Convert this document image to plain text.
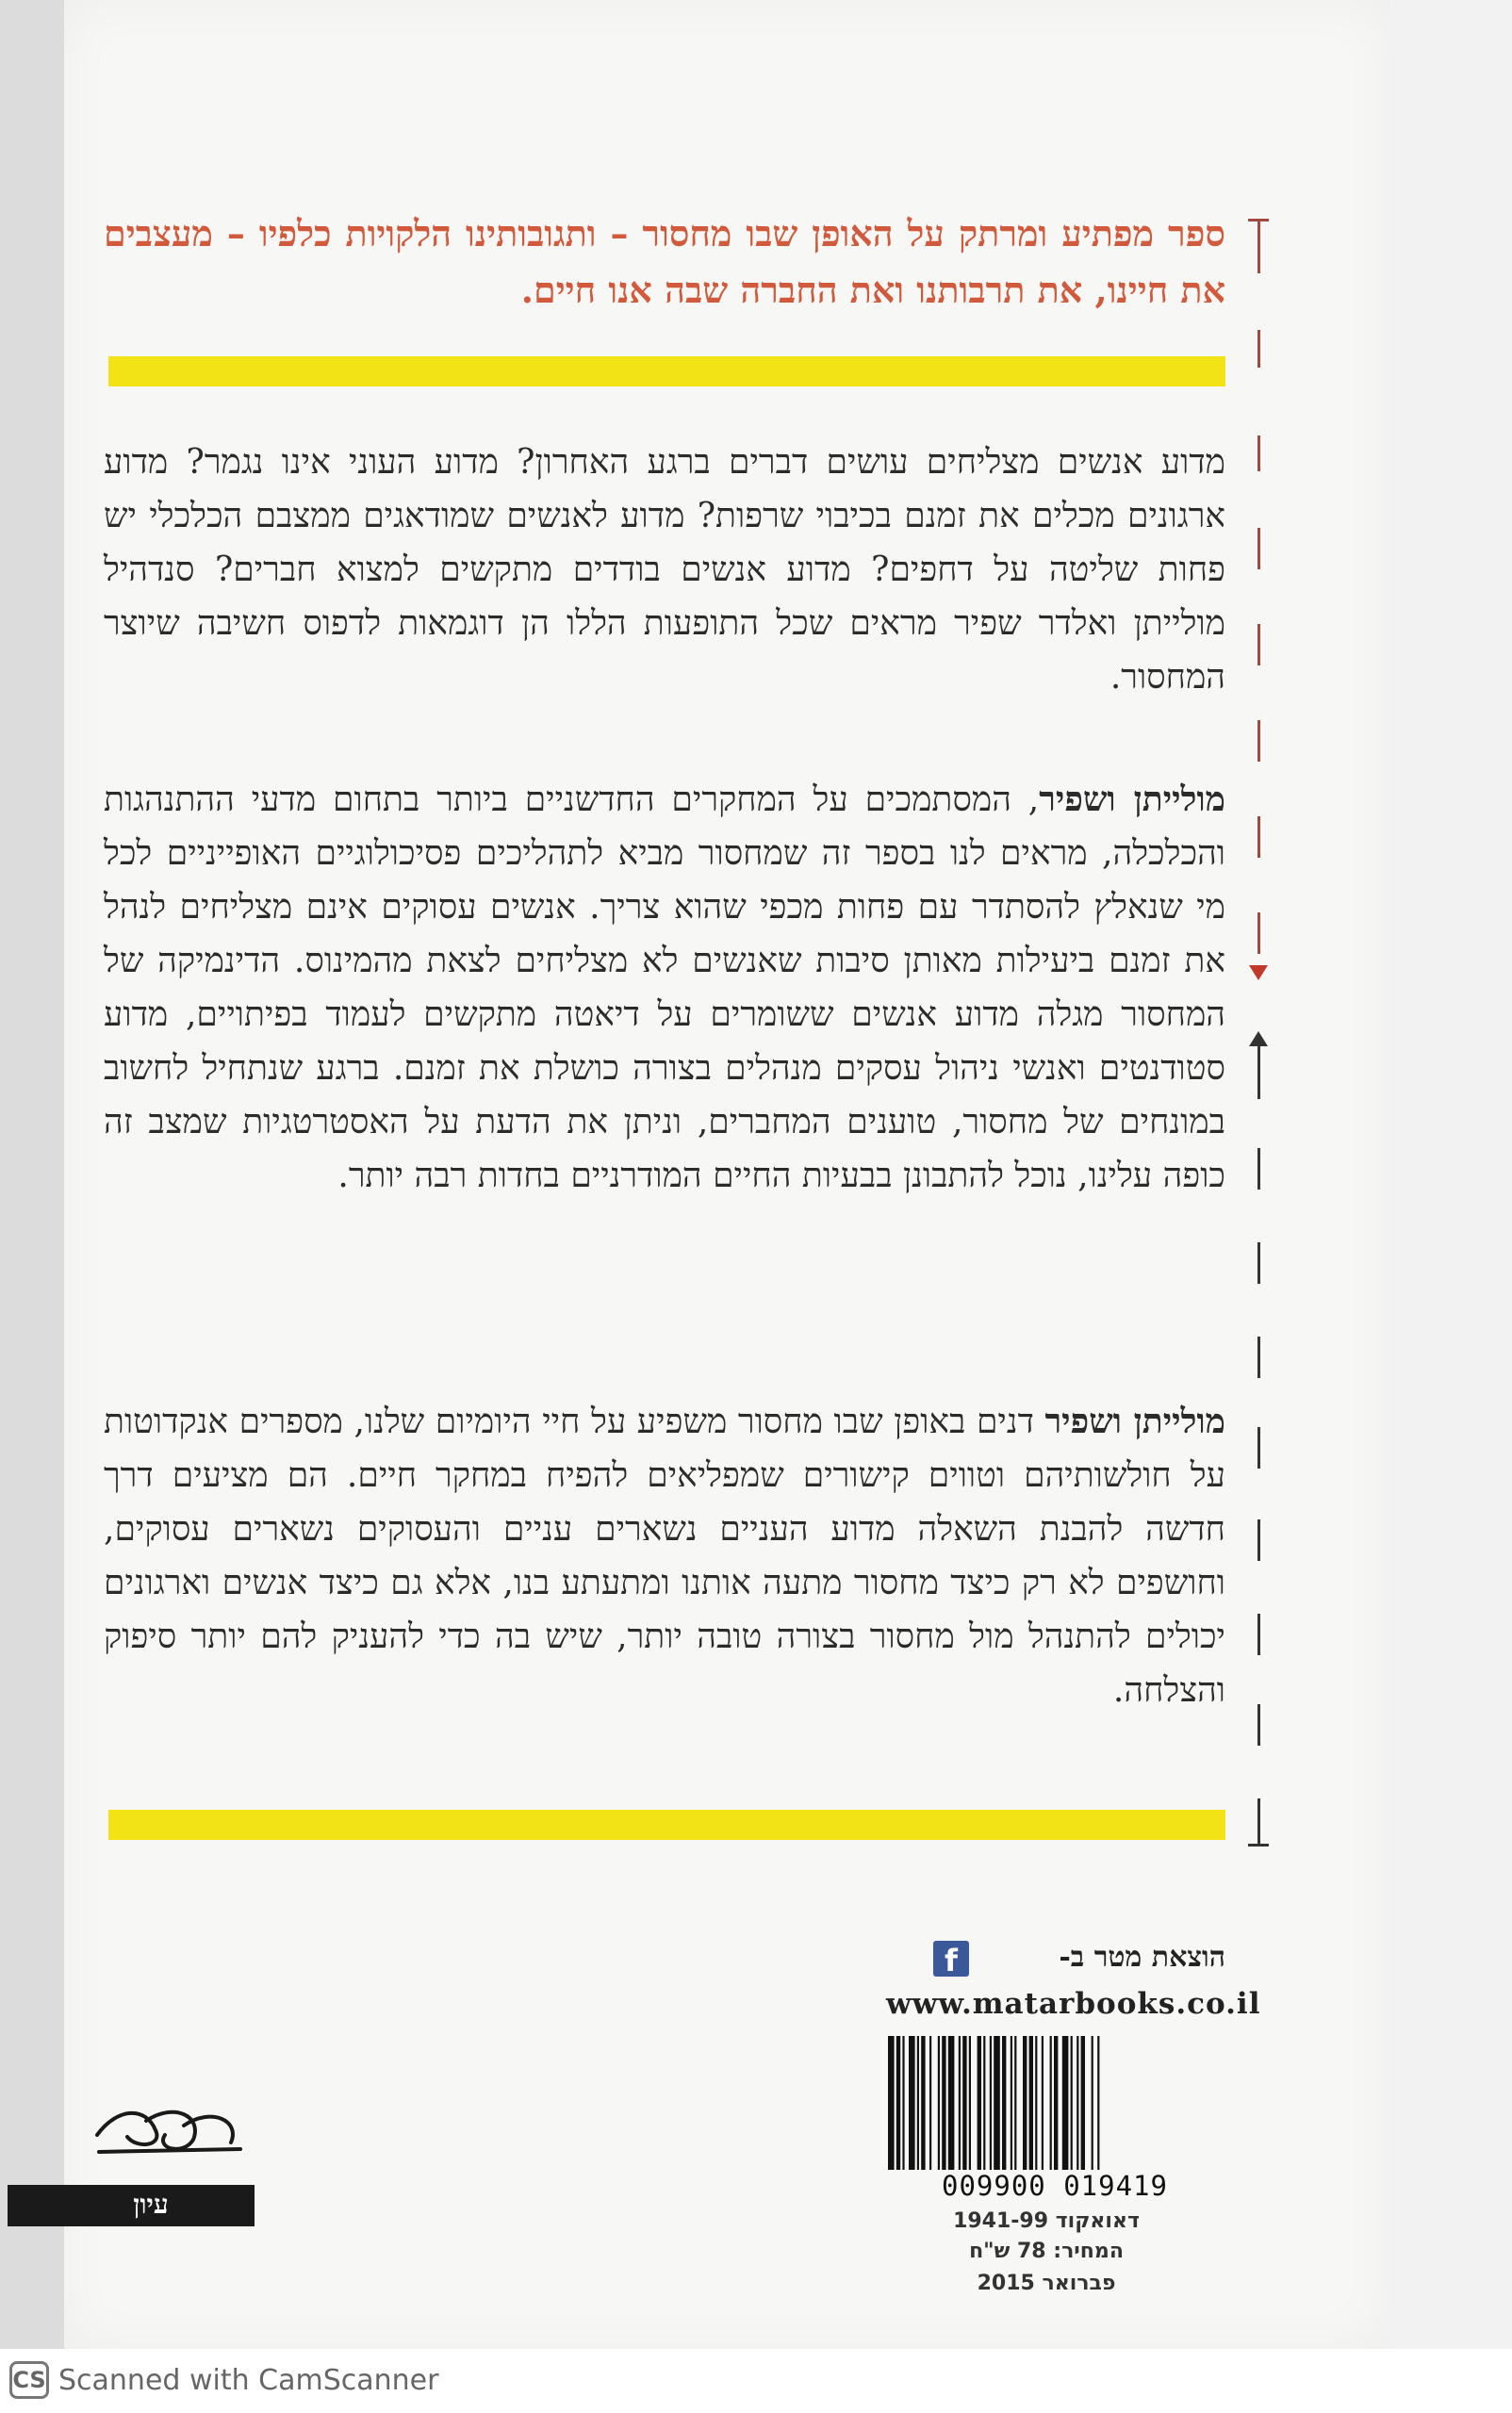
ספר מפתיע ומרתק על האופן שבו מחסור – ותגובותינו הלקויות כלפיו – מעצבים את חיינו, את תרבותנו ואת החברה שבה אנו חיים.
מדוע אנשים מצליחים עושים דברים ברגע האחרון? מדוע העוני אינו נגמר? מדוע ארגונים מכלים את זמנם בכיבוי שרפות? מדוע לאנשים שמודאגים ממצבם הכלכלי יש פחות שליטה על דחפים? מדוע אנשים בודדים מתקשים למצוא חברים? סנדהיל מולייתן ואלדר שפיר מראים שכל התופעות הללו הן דוגמאות לדפוס חשיבה שיוצר המחסור.
מולייתן ושפיר, המסתמכים על המחקרים החדשניים ביותר בתחום מדעי ההתנהגות והכלכלה, מראים לנו בספר זה שמחסור מביא לתהליכים פסיכולוגיים האופייניים לכל מי שנאלץ להסתדר עם פחות מכפי שהוא צריך. אנשים עסוקים אינם מצליחים לנהל את זמנם ביעילות מאותן סיבות שאנשים לא מצליחים לצאת מהמינוס. הדינמיקה של המחסור מגלה מדוע אנשים ששומרים על דיאטה מתקשים לעמוד בפיתויים, מדוע סטודנטים ואנשי ניהול עסקים מנהלים בצורה כושלת את זמנם. ברגע שנתחיל לחשוב במונחים של מחסור, טוענים המחברים, וניתן את הדעת על האסטרטגיות שמצב זה כופה עלינו, נוכל להתבונן בבעיות החיים המודרניים בחדות רבה יותר.
מולייתן ושפיר דנים באופן שבו מחסור משפיע על חיי היומיום שלנו, מספרים אנקדוטות על חולשותיהם וטווים קישורים שמפליאים להפיח במחקר חיים. הם מציעים דרך חדשה להבנת השאלה מדוע העניים נשארים עניים והעסוקים נשארים עסוקים, וחושפים לא רק כיצד מחסור מתעה אותנו ומתעתע בנו, אלא גם כיצד אנשים וארגונים יכולים להתנהל מול מחסור בצורה טובה יותר, שיש בה כדי להעניק להם יותר סיפוק והצלחה.
הוצאת מטר ב-
f
www.matarbooks.co.il
009900 019419
דאואקוד 1941-99
המחיר: 78 ש"ח
פברואר 2015
עיון
CS Scanned with CamScanner
